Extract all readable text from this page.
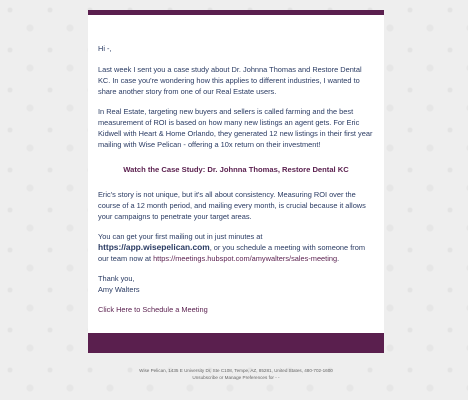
Hi -,

Last week I sent you a case study about Dr. Johnna Thomas and Restore Dental KC. In case you're wondering how this applies to different industries, I wanted to share another story from one of our Real Estate users.

In Real Estate, targeting new buyers and sellers is called farming and the best measurement of ROI is based on how many new listings an agent gets. For Eric Kidwell with Heart & Home Orlando, they generated 12 new listings in their first year mailing with Wise Pelican - offering a 10x return on their investment!

Watch the Case Study: Dr. Johnna Thomas, Restore Dental KC

Eric's story is not unique, but it's all about consistency. Measuring ROI over the course of a 12 month period, and mailing every month, is crucial because it allows your campaigns to penetrate your target areas.

You can get your first mailing out in just minutes at
https://app.wisepelican.com, or you schedule a meeting with someone from our team now at https://meetings.hubspot.com/amywalters/sales-meeting.

Thank you,
Amy Walters

Click Here to Schedule a Meeting
Wise Pelican, 1435 E University Dr, Ste C108, Tempe, AZ, 85281, United States, 480-702-1600
Unsubscribe or Manage Preferences for - -
